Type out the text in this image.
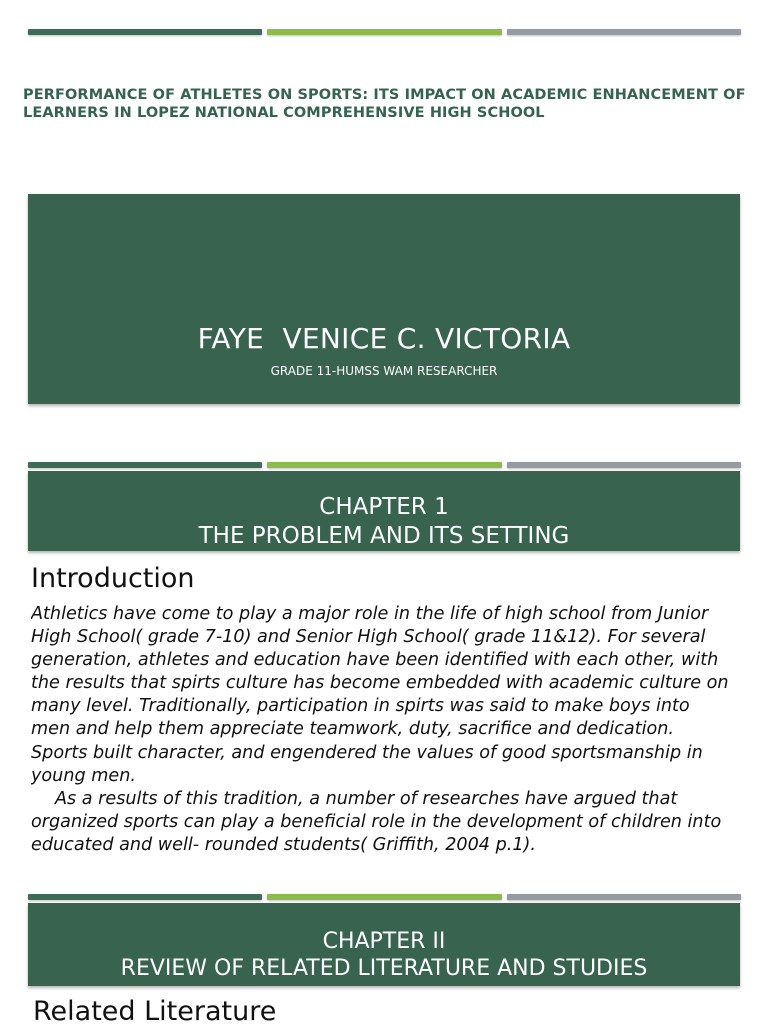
PERFORMANCE OF ATHLETES ON SPORTS: ITS IMPACT ON ACADEMIC ENHANCEMENT OF LEARNERS IN LOPEZ NATIONAL COMPREHENSIVE HIGH SCHOOL
FAYE  VENICE C. VICTORIA
GRADE 11-HUMSS WAM RESEARCHER
CHAPTER 1
THE PROBLEM AND ITS SETTING
Introduction

Athletics have come to play a major role in the life of high school from Junior High School( grade 7-10) and Senior High School( grade 11&12). For several generation, athletes and education have been identified with each other, with the results that spirts culture has become embedded with academic culture on many level. Traditionally, participation in spirts was said to make boys into men and help them appreciate teamwork, duty, sacrifice and dedication. Sports built character, and engendered the values of good sportsmanship in young men.

As a results of this tradition, a number of researches have argued that organized sports can play a beneficial role in the development of children into educated and well- rounded students( Griffith, 2004 p.1).

CHAPTER II
REVIEW OF RELATED LITERATURE AND STUDIES
Related Literature
